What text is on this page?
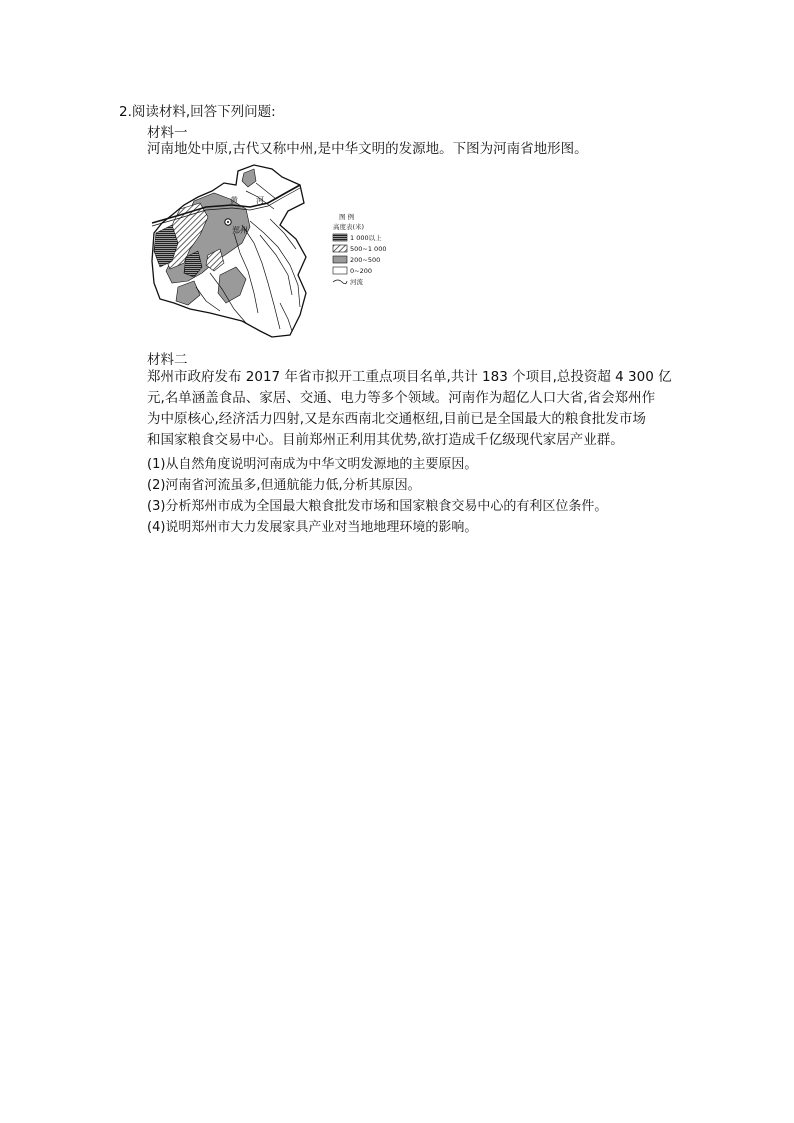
2.阅读材料,回答下列问题:
材料一
河南地处中原,古代又称中州,是中华文明的发源地。下图为河南省地形图。
郑州
黄 河
图 例
高度表(米)
1 000以上
500~1 000
200~500
0~200
河流
材料二
郑州市政府发布 2017 年省市拟开工重点项目名单,共计 183 个项目,总投资超 4 300 亿
元,名单涵盖食品、家居、交通、电力等多个领域。河南作为超亿人口大省,省会郑州作
为中原核心,经济活力四射,又是东西南北交通枢纽,目前已是全国最大的粮食批发市场
和国家粮食交易中心。目前郑州正利用其优势,欲打造成千亿级现代家居产业群。
(1)从自然角度说明河南成为中华文明发源地的主要原因。
(2)河南省河流虽多,但通航能力低,分析其原因。
(3)分析郑州市成为全国最大粮食批发市场和国家粮食交易中心的有利区位条件。
(4)说明郑州市大力发展家具产业对当地地理环境的影响。
